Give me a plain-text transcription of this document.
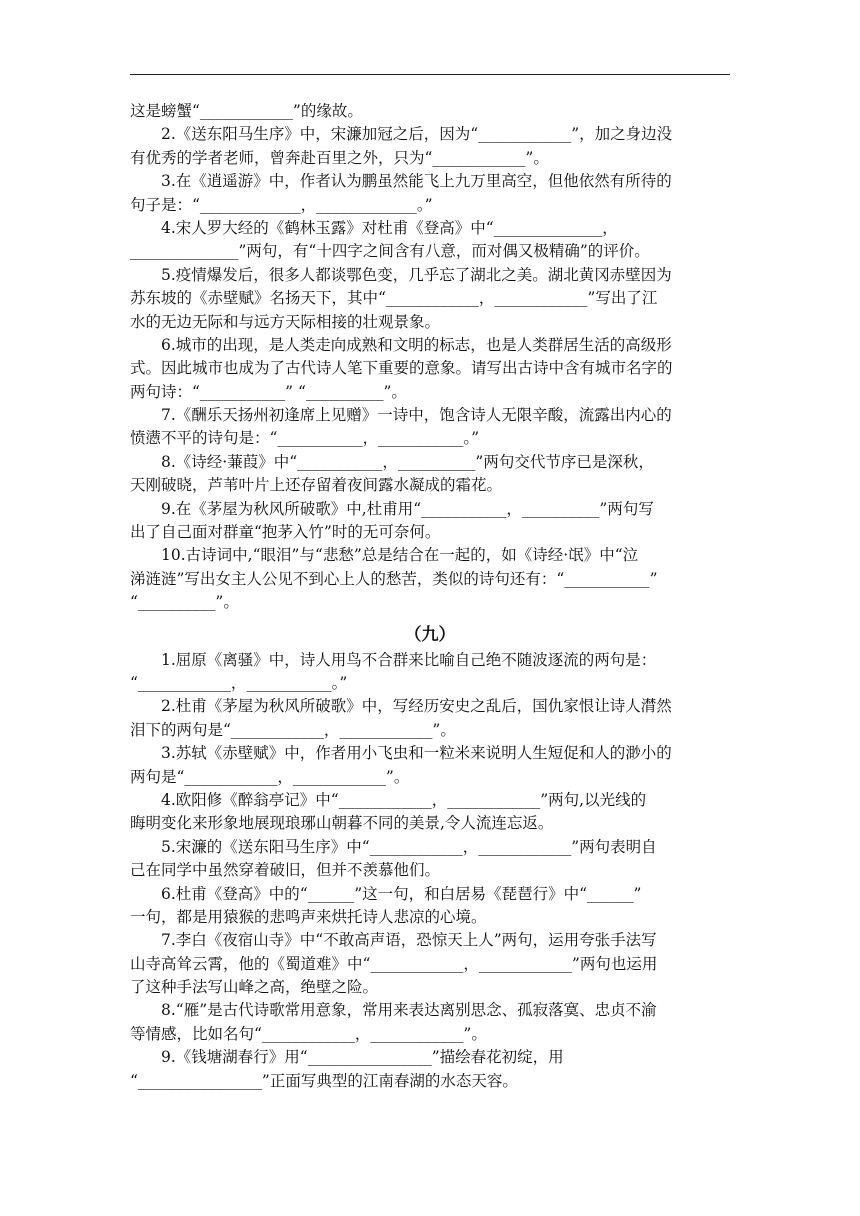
这是螃蟹“____________”的缘故。
2.《送东阳马生序》中，宋濂加冠之后，因为“____________”，加之身边没
有优秀的学者老师，曾奔赴百里之外，只为“____________”。
3.在《逍遥游》中，作者认为鹏虽然能飞上九万里高空，但他依然有所待的
句子是：“_____________，_____________。”
4.宋人罗大经的《鹤林玉露》对杜甫《登高》中“______________，
______________”两句，有“十四字之间含有八意，而对偶又极精确”的评价。
5.疫情爆发后，很多人都谈鄂色变，几乎忘了湖北之美。湖北黄冈赤壁因为
苏东坡的《赤壁赋》名扬天下，其中“____________，____________”写出了江
水的无边无际和与远方天际相接的壮观景象。
6.城市的出现，是人类走向成熟和文明的标志，也是人类群居生活的高级形
式。因此城市也成为了古代诗人笔下重要的意象。请写出古诗中含有城市名字的
两句诗：“___________” “__________”。
7.《酬乐天扬州初逢席上见赠》一诗中，饱含诗人无限辛酸，流露出内心的
愤懑不平的诗句是：“___________，___________。”
8.《诗经·蒹葭》中“___________，__________”两句交代节序已是深秋，
天刚破晓，芦苇叶片上还存留着夜间露水凝成的霜花。
9.在《茅屋为秋风所破歌》中,杜甫用“___________，__________”两句写
出了自己面对群童“抱茅入竹”时的无可奈何。
10.古诗词中,“眼泪”与“悲愁”总是结合在一起的，如《诗经·氓》中“泣
涕涟涟”写出女主人公见不到心上人的愁苦，类似的诗句还有：“___________”
“__________”。
（九）
1.屈原《离骚》中，诗人用鸟不合群来比喻自己绝不随波逐流的两句是：
“____________，___________。”
2.杜甫《茅屋为秋风所破歌》中，写经历安史之乱后，国仇家恨让诗人潸然
泪下的两句是“____________，____________”。
3.苏轼《赤壁赋》中，作者用小飞虫和一粒米来说明人生短促和人的渺小的
两句是“____________，____________”。
4.欧阳修《醉翁亭记》中“____________，____________”两句,以光线的
晦明变化来形象地展现琅琊山朝暮不同的美景,令人流连忘返。
5.宋濂的《送东阳马生序》中“____________，____________”两句表明自
己在同学中虽然穿着破旧，但并不羡慕他们。
6.杜甫《登高》中的“______”这一句，和白居易《琵琶行》中“______”
一句，都是用猿猴的悲鸣声来烘托诗人悲凉的心境。
7.李白《夜宿山寺》中“不敢高声语，恐惊天上人”两句，运用夸张手法写
山寺高耸云霄，他的《蜀道难》中“____________，____________”两句也运用
了这种手法写山峰之高，绝壁之险。
8.“雁”是古代诗歌常用意象，常用来表达离别思念、孤寂落寞、忠贞不渝
等情感，比如名句“____________，____________”。
9.《钱塘湖春行》用“________________”描绘春花初绽，用
“________________”正面写典型的江南春湖的水态天容。
